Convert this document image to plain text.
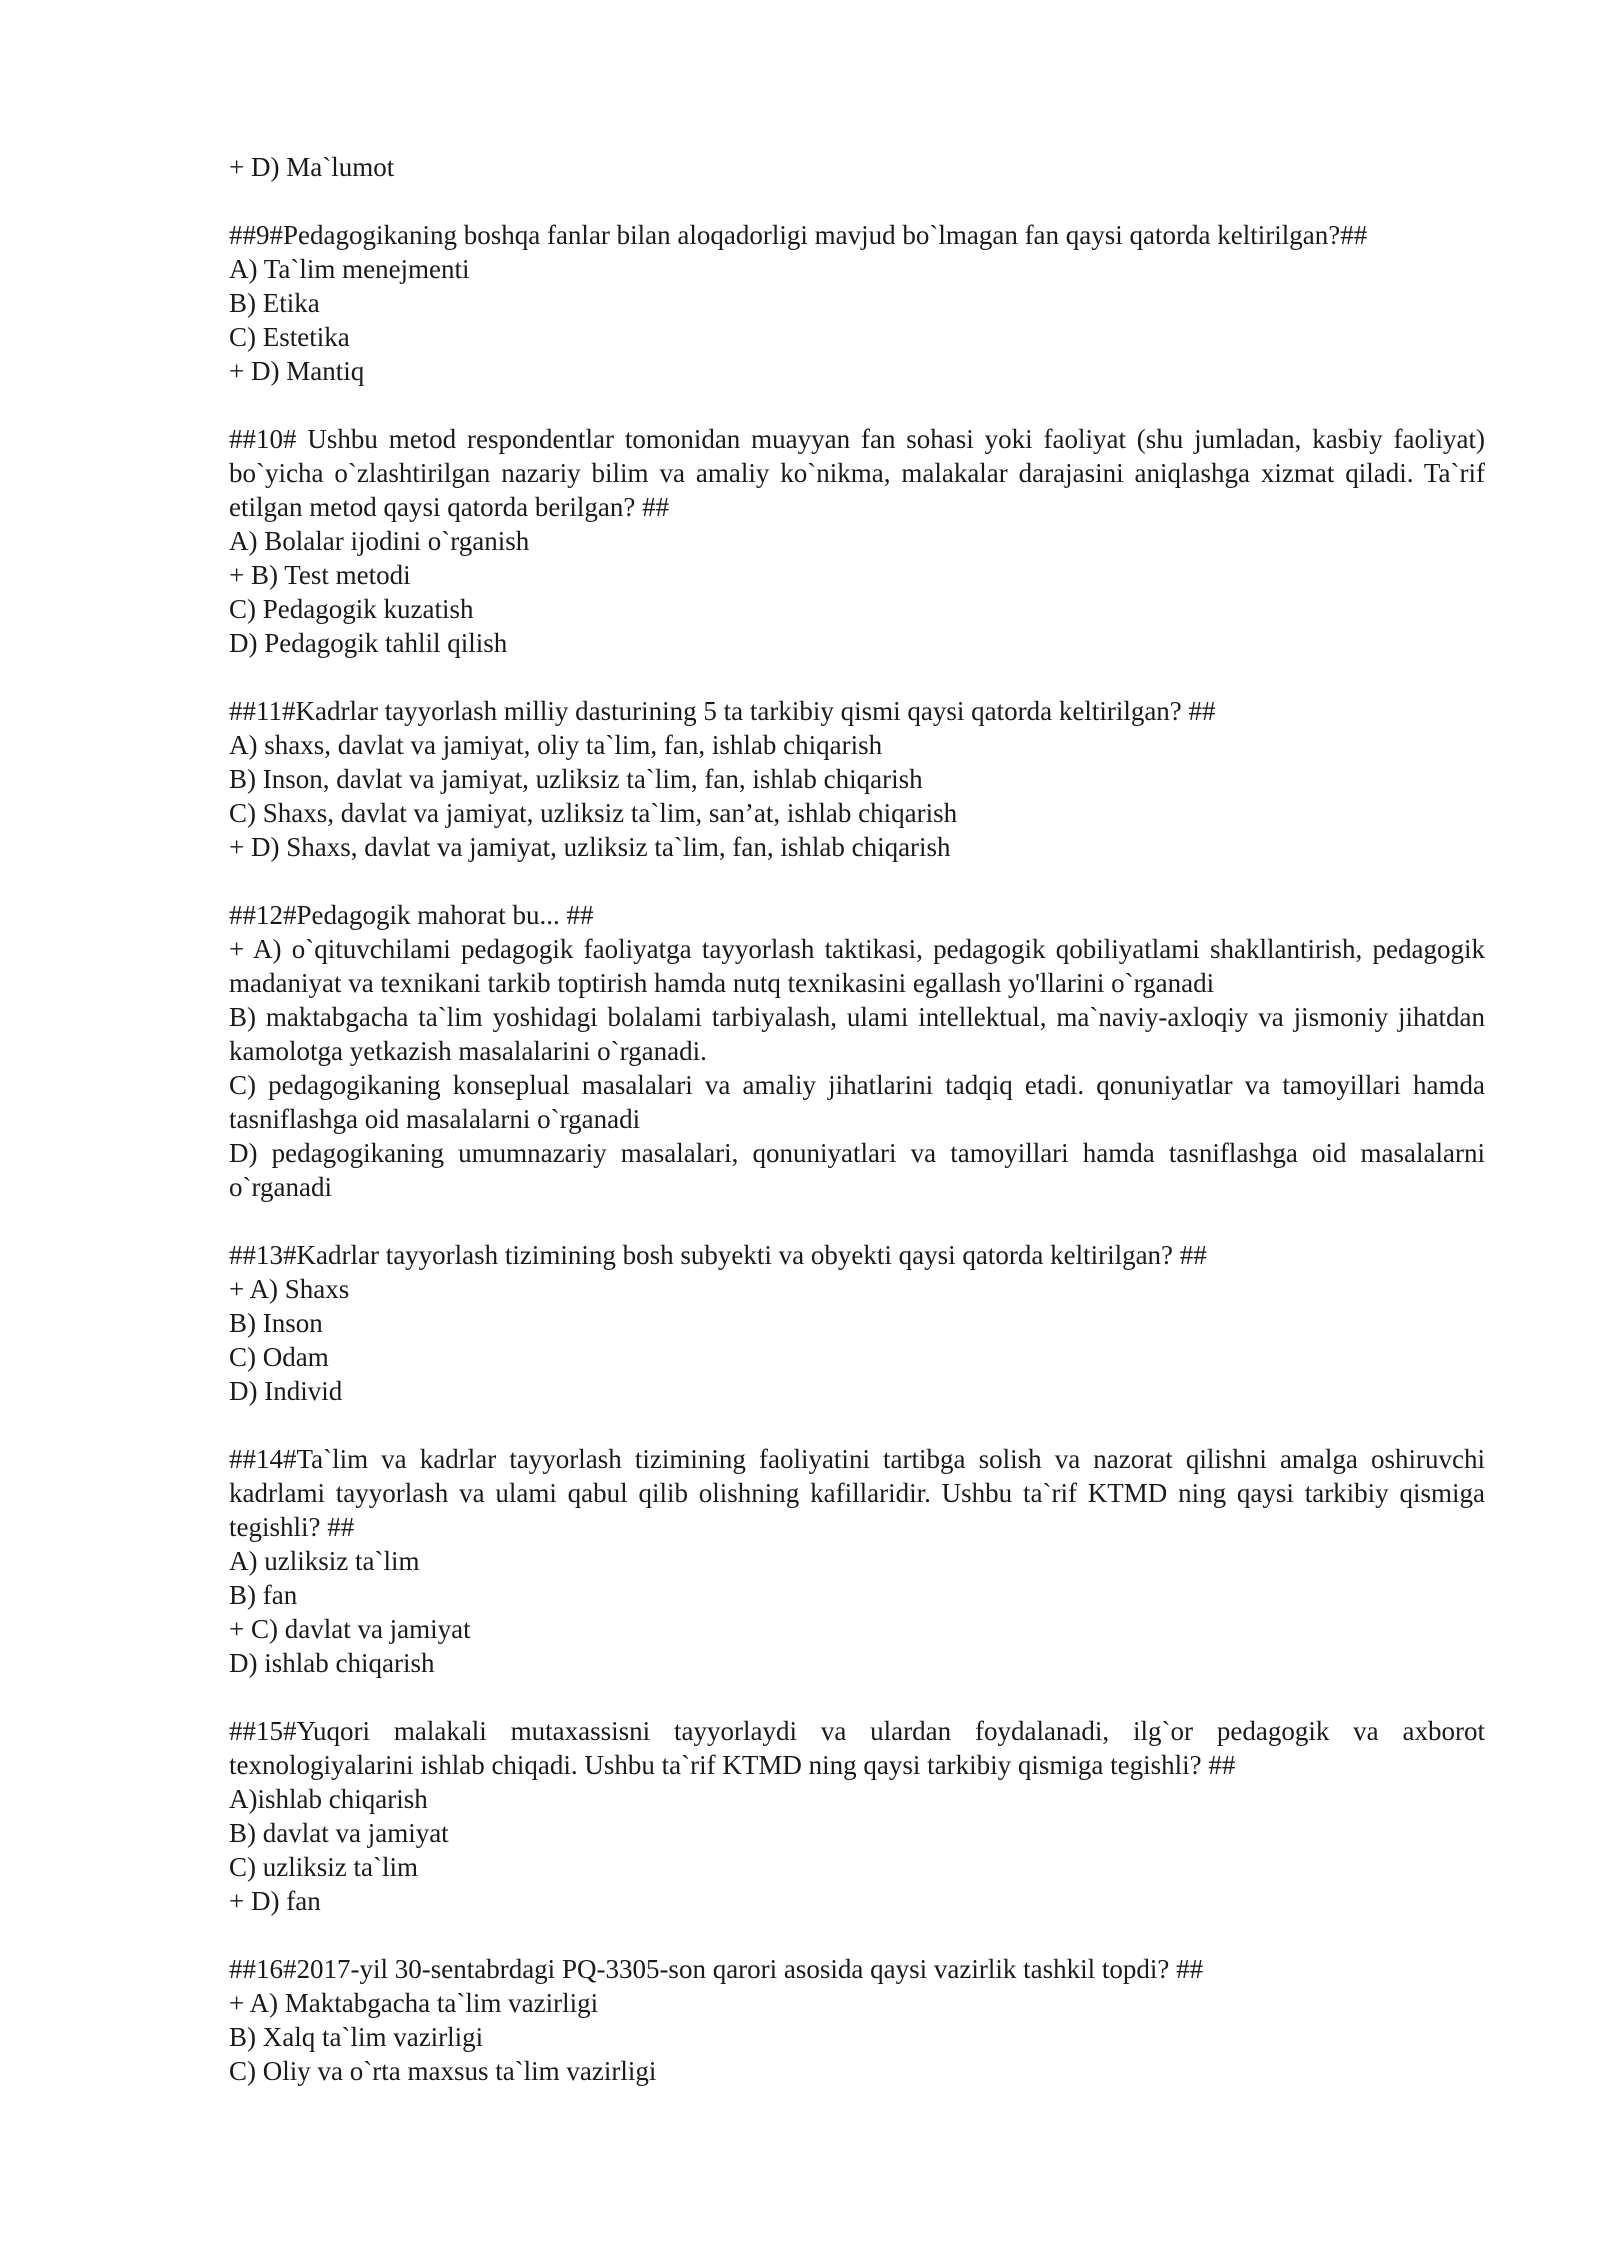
+ D) Ma`lumot

##9#Pedagogikaning boshqa fanlar bilan aloqadorligi mavjud bo`lmagan fan qaysi qatorda keltirilgan?##

A) Ta`lim menejmenti

B) Etika

C) Estetika

+ D) Mantiq

##10# Ushbu metod respondentlar tomonidan muayyan fan sohasi yoki faoliyat (shu jumladan, kasbiy faoliyat) bo`yicha o`zlashtirilgan nazariy bilim va amaliy ko`nikma, malakalar darajasini aniqlashga xizmat qiladi. Ta`rif etilgan metod qaysi qatorda berilgan? ##

A) Bolalar ijodini o`rganish

+ B) Test metodi

C) Pedagogik kuzatish

D) Pedagogik tahlil qilish

##11#Kadrlar tayyorlash milliy dasturining 5 ta tarkibiy qismi qaysi qatorda keltirilgan? ##

A) shaxs, davlat va jamiyat, oliy ta`lim, fan, ishlab chiqarish

B) Inson, davlat va jamiyat, uzliksiz ta`lim, fan, ishlab chiqarish

C) Shaxs, davlat va jamiyat, uzliksiz ta`lim, san’at, ishlab chiqarish

+ D) Shaxs, davlat va jamiyat, uzliksiz ta`lim, fan, ishlab chiqarish

##12#Pedagogik mahorat bu... ##

+ A) o`qituvchilami pedagogik faoliyatga tayyorlash taktikasi, pedagogik qobiliyatlami shakllantirish, pedagogik madaniyat va texnikani tarkib toptirish hamda nutq texnikasini egallash yo'llarini o`rganadi

B) maktabgacha ta`lim yoshidagi bolalami tarbiyalash, ulami intellektual, ma`naviy-axloqiy va jismoniy jihatdan kamolotga yetkazish masalalarini o`rganadi.

C) pedagogikaning konseplual masalalari va amaliy jihatlarini tadqiq etadi. qonuniyatlar va tamoyillari hamda tasniflashga oid masalalarni o`rganadi

D) pedagogikaning umumnazariy masalalari, qonuniyatlari va tamoyillari hamda tasniflashga oid masalalarni o`rganadi

##13#Kadrlar tayyorlash tizimining bosh subyekti va obyekti qaysi qatorda keltirilgan? ##

+ A) Shaxs

B) Inson

C) Odam

D) Individ

##14#Ta`lim va kadrlar tayyorlash tizimining faoliyatini tartibga solish va nazorat qilishni amalga oshiruvchi kadrlami tayyorlash va ulami qabul qilib olishning kafillaridir. Ushbu ta`rif KTMD ning qaysi tarkibiy qismiga tegishli? ##

A) uzliksiz ta`lim

B) fan

+ C) davlat va jamiyat

D) ishlab chiqarish

##15#Yuqori malakali mutaxassisni tayyorlaydi va ulardan foydalanadi, ilg`or pedagogik va axborot texnologiyalarini ishlab chiqadi. Ushbu ta`rif KTMD ning qaysi tarkibiy qismiga tegishli? ##

A)ishlab chiqarish

B) davlat va jamiyat

C) uzliksiz ta`lim

+ D) fan

##16#2017-yil 30-sentabrdagi PQ-3305-son qarori asosida qaysi vazirlik tashkil topdi? ##

+ A) Maktabgacha ta`lim vazirligi

B) Xalq ta`lim vazirligi

C) Oliy va o`rta maxsus ta`lim vazirligi
